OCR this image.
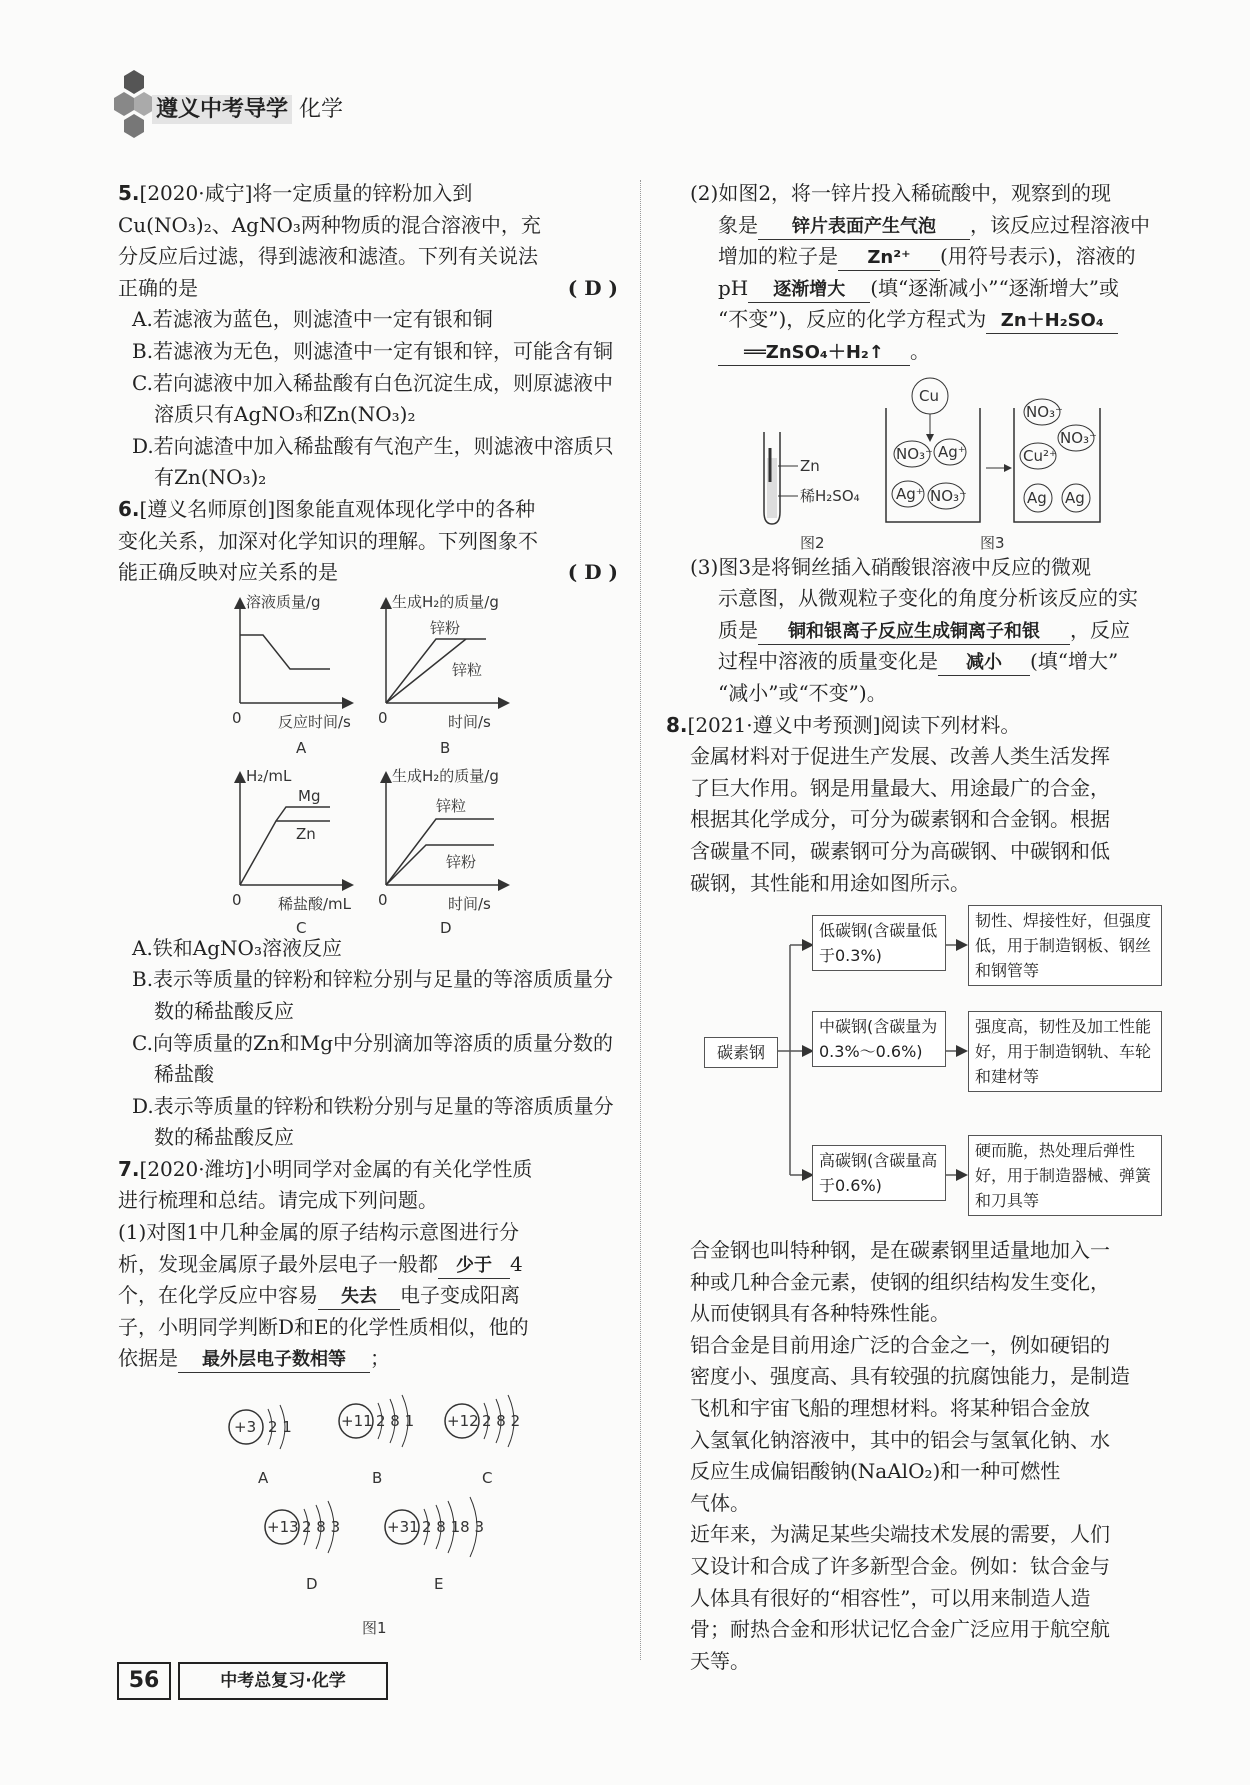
遵义中考导学 化学

5.[2020·咸宁]将一定质量的锌粉加入到

Cu(NO₃)₂、AgNO₃两种物质的混合溶液中，充

分反应后过滤，得到滤液和滤渣。下列有关说法

正确的是	( D )

A.若滤液为蓝色，则滤渣中一定有银和铜

B.若滤液为无色，则滤渣中一定有银和锌，可能含有铜

C.若向滤液中加入稀盐酸有白色沉淀生成，则原滤液中溶质只有AgNO₃和Zn(NO₃)₂

D.若向滤渣中加入稀盐酸有气泡产生，则滤液中溶质只有Zn(NO₃)₂

6.[遵义名师原创]图象能直观体现化学中的各种

变化关系，加深对化学知识的理解。下列图象不

能正确反映对应关系的是	( D )

溶液质量/g
反应时间/s
0
A
生成H₂的质量/g
锌粉
锌粒
时间/s
0
B
H₂/mL
Mg
Zn
稀盐酸/mL
0
C
生成H₂的质量/g
锌粒
锌粉
时间/s
0
D

A.铁和AgNO₃溶液反应

B.表示等质量的锌粉和锌粒分别与足量的等溶质质量分数的稀盐酸反应

C.向等质量的Zn和Mg中分别滴加等溶质的质量分数的稀盐酸

D.表示等质量的锌粉和铁粉分别与足量的等溶质质量分数的稀盐酸反应

7.[2020·潍坊]小明同学对金属的有关化学性质

进行梳理和总结。请完成下列问题。

(1)对图1中几种金属的原子结构示意图进行分

析，发现金属原子最外层电子一般都 少于 4

个，在化学反应中容易 失去 电子变成阳离

子，小明同学判断D和E的化学性质相似，他的

依据是 最外层电子数相等 ；

+3 2 1
A
+11 2 8 1
B
+12 2 8 2
C
+13 2 8 3
D
+31 2 8 18 3
E
图1

(2)如图2，将一锌片投入稀硫酸中，观察到的现

象是 锌片表面产生气泡 ，该反应过程溶液中

增加的粒子是 Zn²⁺ (用符号表示)，溶液的

pH 逐渐增大 (填“逐渐减小”“逐渐增大”或

“不变”)，反应的化学方程式为 Zn＋H₂SO₄

══ZnSO₄＋H₂↑ 。

Zn
稀H₂SO₄
图2
Cu
NO₃⁻ Ag⁺
Ag⁺ NO₃⁻
NO₃⁻
NO₃⁻
Cu²⁺
Ag Ag
图3

(3)图3是将铜丝插入硝酸银溶液中反应的微观

示意图，从微观粒子变化的角度分析该反应的实

质是 铜和银离子反应生成铜离子和银 ，反应

过程中溶液的质量变化是 减小 (填“增大”

“减小”或“不变”)。

8.[2021·遵义中考预测]阅读下列材料。

金属材料对于促进生产发展、改善人类生活发挥

了巨大作用。钢是用量最大、用途最广的合金，

根据其化学成分，可分为碳素钢和合金钢。根据

含碳量不同，碳素钢可分为高碳钢、中碳钢和低

碳钢，其性能和用途如图所示。

碳素钢
低碳钢(含碳量低于0.3%)
韧性、焊接性好，但强度低，用于制造钢板、钢丝和钢管等
中碳钢(含碳量为0.3%～0.6%)
强度高，韧性及加工性能好，用于制造钢轨、车轮和建材等
高碳钢(含碳量高于0.6%)
硬而脆，热处理后弹性好，用于制造器械、弹簧和刀具等

合金钢也叫特种钢，是在碳素钢里适量地加入一

种或几种合金元素，使钢的组织结构发生变化，

从而使钢具有各种特殊性能。

铝合金是目前用途广泛的合金之一，例如硬铝的

密度小、强度高、具有较强的抗腐蚀能力，是制造

飞机和宇宙飞船的理想材料。将某种铝合金放

入氢氧化钠溶液中，其中的铝会与氢氧化钠、水

反应生成偏铝酸钠(NaAlO₂)和一种可燃性

气体。

近年来，为满足某些尖端技术发展的需要，人们

又设计和合成了许多新型合金。例如：钛合金与

人体具有很好的“相容性”，可以用来制造人造

骨；耐热合金和形状记忆合金广泛应用于航空航

天等。

56	中考总复习·化学
